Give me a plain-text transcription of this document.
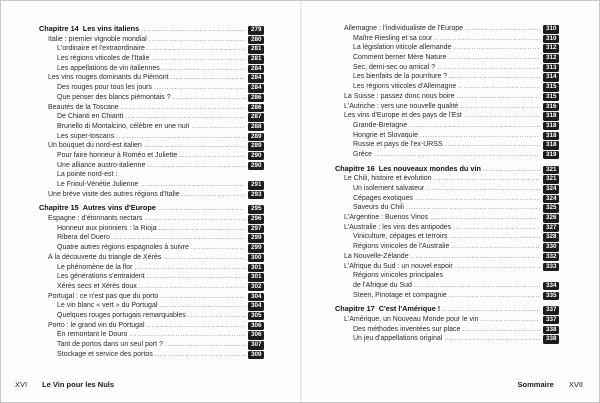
Chapitre 14 Les vins italiens .....	279
Italie : premier vignoble mondial .....	280
L'ordinaire et l'extraordinaire .....	281
Les régions viticoles de l'Italie .....	281
Les appellations de vin italiennes .....	284
Les vins rouges dominants du Piémont .....	284
Des rouges pour tous les jours .....	284
Que penser des blancs piémontais ? .....	286
Beautés de la Toscane .....	286
De Chianti en Chianti .....	287
Brunello di Montalcino, célèbre en une nuit .....	288
Les super-toscans .....	289
Un bouquet du nord-est italien .....	289
Pour faire honneur à Roméo et Juliette .....	290
Une alliance austro-italienne .....	290
La pointe nord-est :
Le Frioul-Vénétie Julienne .....	291
Une brève visite des autres régions d'Italie .....	293
Chapitre 15 Autres vins d'Europe .....	295
Espagne : d'étonnants nectars .....	296
Honneur aux pionniers : la Rioja .....	297
Ribera del Duero .....	299
Quatre autres régions espagnoles à suivre .....	299
À la découverte du triangle de Xérès .....	300
Le phénomène de la flor .....	301
Les générations s'entraident .....	301
Xérès secs et Xérès doux .....	302
Portugal : ce n'est pas que du porto .....	304
Le vin blanc « vert » du Portugal .....	304
Quelques rouges portugais remarquables .....	305
Porto : le grand vin du Portugal .....	306
En remontant le Douro .....	306
Tant de portos dans un seul port ? .....	307
Stockage et service des portos .....	309
XVI Le Vin pour les Nuls
Allemagne : l'individualiste de l'Europe .....	310
Maître Riesling et sa cour .....	310
La législation viticole allemande .....	312
Comment berner Mère Nature .....	312
Sec, demi-sec ou amical ? .....	313
Les bienfaits de la pourriture ? .....	314
Les régions viticoles d'Allemagne .....	315
La Suisse : passez donc nous boire .....	315
L'Autriche : vers une nouvelle qualité .....	316
Les vins d'Europe et des pays de l'Est .....	318
Grande-Bretagne .....	318
Hongrie et Slovaquie .....	318
Russie et pays de l'ex-URSS .....	318
Grèce .....	319
Chapitre 16 Les nouveaux mondes du vin .....	321
Le Chili, histoire et évolution .....	321
Un isolement salvateur .....	324
Cépages exotiques .....	324
Saveurs du Chili .....	325
L'Argentine : Buenos Vinos .....	326
L'Australie : les vins des antipodes .....	327
Viniculture, cépages et terroirs .....	328
Régions vinicoles de l'Australie .....	330
La Nouvelle-Zélande .....	332
L'Afrique du Sud : un nouvel espoir .....	333
Régions vinicoles principales
de l'Afrique du Sud .....	334
Steen, Pinotage et compagnie .....	335
Chapitre 17 C'est l'Amérique ! .....	337
L'Amérique, un Nouveau Monde pour le vin .....	337
Des méthodes inventées sur place .....	338
Un jeu d'appellations original .....	338
Sommaire XVII
